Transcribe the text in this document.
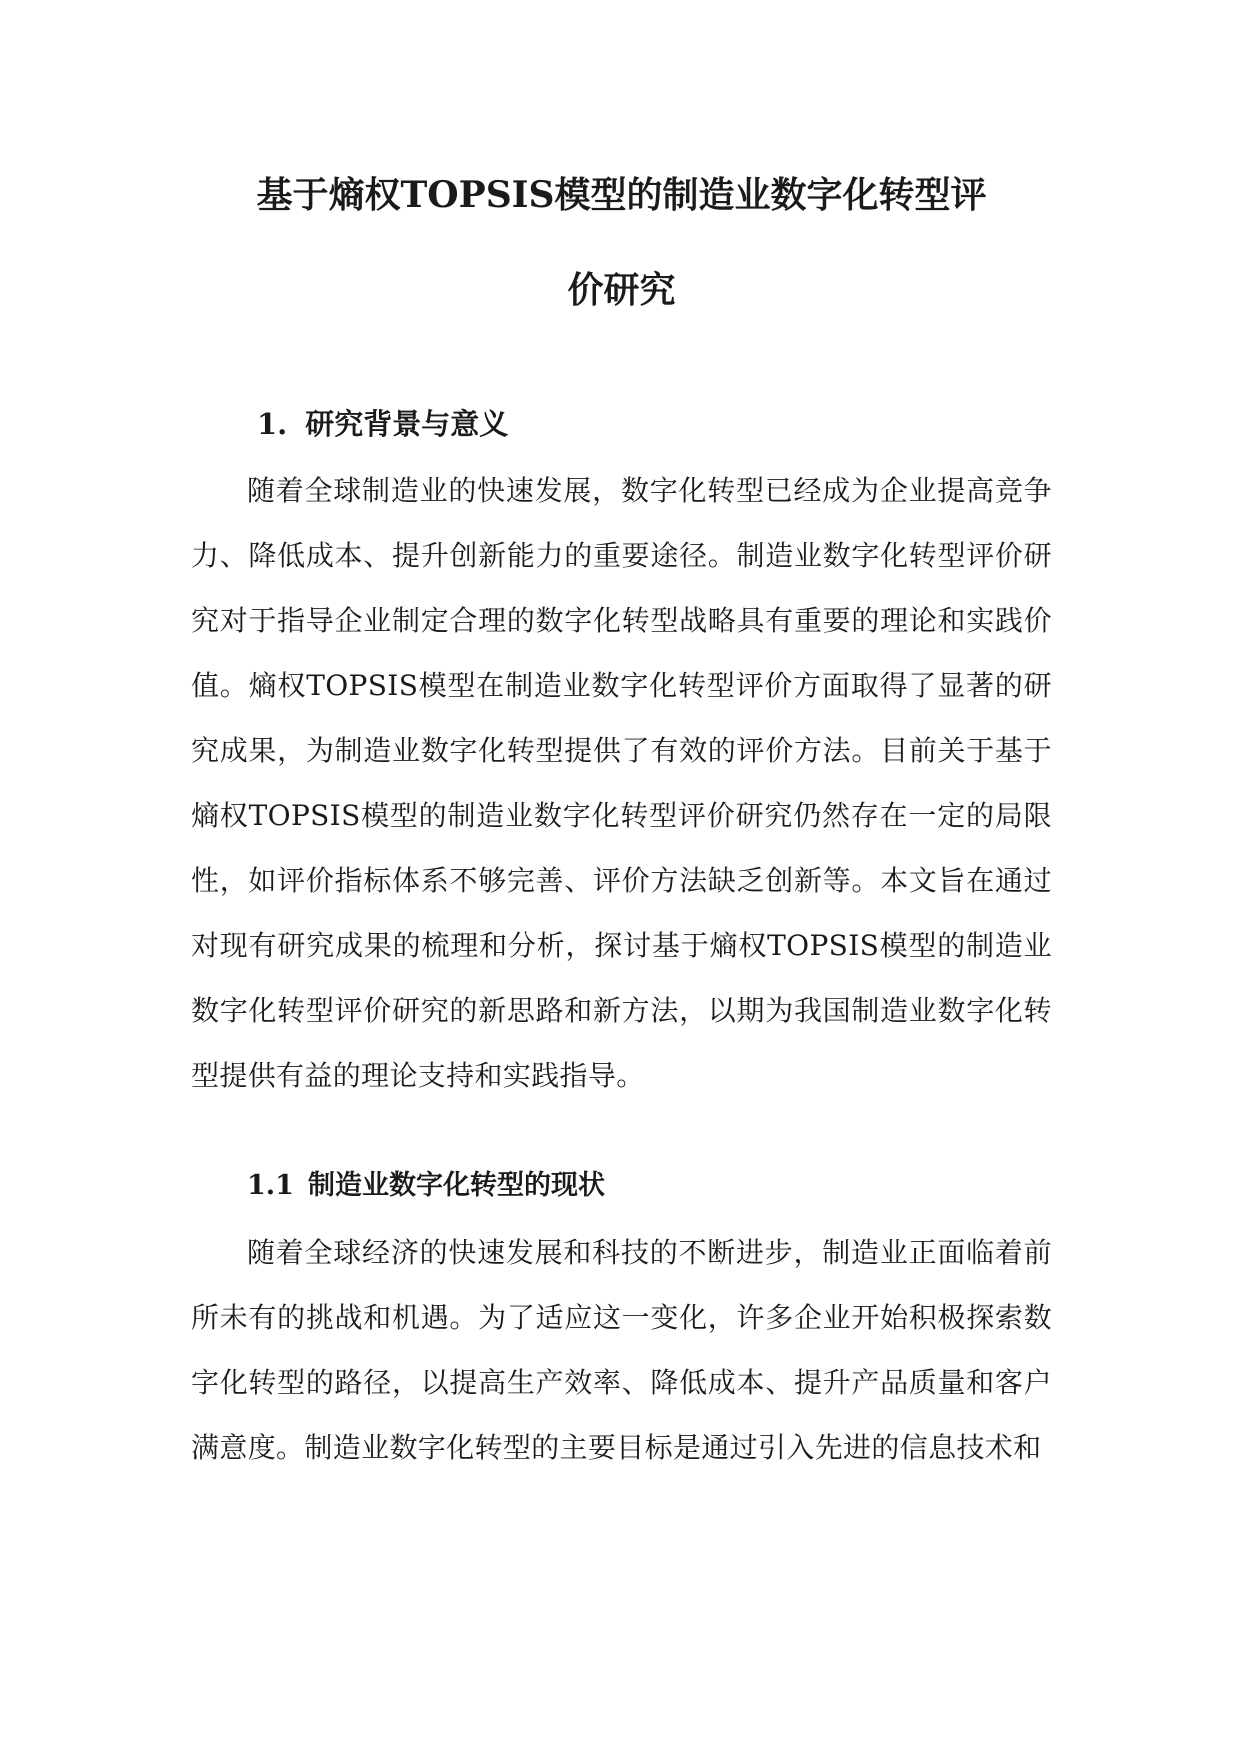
基于熵权TOPSIS模型的制造业数字化转型评
价研究
1. 研究背景与意义

随着全球制造业的快速发展，数字化转型已经成为企业提高竞争力、降低成本、提升创新能力的重要途径。制造业数字化转型评价研究对于指导企业制定合理的数字化转型战略具有重要的理论和实践价值。熵权TOPSIS模型在制造业数字化转型评价方面取得了显著的研究成果，为制造业数字化转型提供了有效的评价方法。目前关于基于熵权TOPSIS模型的制造业数字化转型评价研究仍然存在一定的局限性，如评价指标体系不够完善、评价方法缺乏创新等。本文旨在通过对现有研究成果的梳理和分析，探讨基于熵权TOPSIS模型的制造业数字化转型评价研究的新思路和新方法，以期为我国制造业数字化转型提供有益的理论支持和实践指导。

1.1 制造业数字化转型的现状

随着全球经济的快速发展和科技的不断进步，制造业正面临着前所未有的挑战和机遇。为了适应这一变化，许多企业开始积极探索数字化转型的路径，以提高生产效率、降低成本、提升产品质量和客户满意度。制造业数字化转型的主要目标是通过引入先进的信息技术和
